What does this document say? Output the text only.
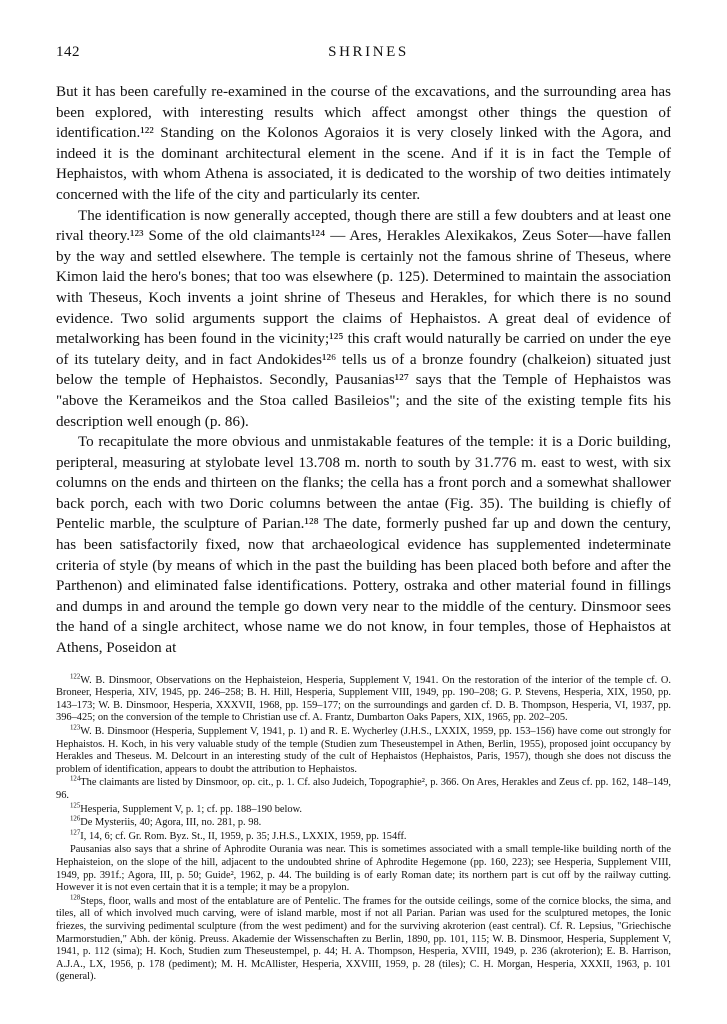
142	SHRINES

But it has been carefully re-examined in the course of the excavations, and the surrounding area has been explored, with interesting results which affect amongst other things the question of identification.¹²² Standing on the Kolonos Agoraios it is very closely linked with the Agora, and indeed it is the dominant architectural element in the scene. And if it is in fact the Temple of Hephaistos, with whom Athena is associated, it is dedicated to the worship of two deities intimately concerned with the life of the city and particularly its center.

The identification is now generally accepted, though there are still a few doubters and at least one rival theory.¹²³ Some of the old claimants¹²⁴ — Ares, Herakles Alexikakos, Zeus Soter—have fallen by the way and settled elsewhere. The temple is certainly not the famous shrine of Theseus, where Kimon laid the hero's bones; that too was elsewhere (p. 125). Determined to maintain the association with Theseus, Koch invents a joint shrine of Theseus and Herakles, for which there is no sound evidence. Two solid arguments support the claims of Hephaistos. A great deal of evidence of metalworking has been found in the vicinity;¹²⁵ this craft would naturally be carried on under the eye of its tutelary deity, and in fact Andokides¹²⁶ tells us of a bronze foundry (chalkeion) situated just below the temple of Hephaistos. Secondly, Pausanias¹²⁷ says that the Temple of Hephaistos was "above the Kerameikos and the Stoa called Basileios"; and the site of the existing temple fits his description well enough (p. 86).

To recapitulate the more obvious and unmistakable features of the temple: it is a Doric building, peripteral, measuring at stylobate level 13.708 m. north to south by 31.776 m. east to west, with six columns on the ends and thirteen on the flanks; the cella has a front porch and a somewhat shallower back porch, each with two Doric columns between the antae (Fig. 35). The building is chiefly of Pentelic marble, the sculpture of Parian.¹²⁸ The date, formerly pushed far up and down the century, has been satisfactorily fixed, now that archaeological evidence has supplemented indeterminate criteria of style (by means of which in the past the building has been placed both before and after the Parthenon) and eliminated false identifications. Pottery, ostraka and other material found in fillings and dumps in and around the temple go down very near to the middle of the century. Dinsmoor sees the hand of a single architect, whose name we do not know, in four temples, those of Hephaistos at Athens, Poseidon at

$^{122}$W. B. Dinsmoor, Observations on the Hephaisteion, Hesperia, Supplement V, 1941. On the restoration of the interior of the temple cf. O. Broneer, Hesperia, XIV, 1945, pp. 246–258; B. H. Hill, Hesperia, Supplement VIII, 1949, pp. 190–208; G. P. Stevens, Hesperia, XIX, 1950, pp. 143–173; W. B. Dinsmoor, Hesperia, XXXVII, 1968, pp. 159–177; on the surroundings and garden cf. D. B. Thompson, Hesperia, VI, 1937, pp. 396–425; on the conversion of the temple to Christian use cf. A. Frantz, Dumbarton Oaks Papers, XIX, 1965, pp. 202–205.

$^{123}$W. B. Dinsmoor (Hesperia, Supplement V, 1941, p. 1) and R. E. Wycherley (J.H.S., LXXIX, 1959, pp. 153–156) have come out strongly for Hephaistos. H. Koch, in his very valuable study of the temple (Studien zum Theseustempel in Athen, Berlin, 1955), proposed joint occupancy by Herakles and Theseus. M. Delcourt in an interesting study of the cult of Hephaistos (Hephaistos, Paris, 1957), though she does not discuss the problem of identification, appears to doubt the attribution to Hephaistos.

$^{124}$The claimants are listed by Dinsmoor, op. cit., p. 1. Cf. also Judeich, Topographie², p. 366. On Ares, Herakles and Zeus cf. pp. 162, 148–149, 96.

$^{125}$Hesperia, Supplement V, p. 1; cf. pp. 188–190 below.

$^{126}$De Mysteriis, 40; Agora, III, no. 281, p. 98.

$^{127}$I, 14, 6; cf. Gr. Rom. Byz. St., II, 1959, p. 35; J.H.S., LXXIX, 1959, pp. 154ff.

Pausanias also says that a shrine of Aphrodite Ourania was near. This is sometimes associated with a small temple-like building north of the Hephaisteion, on the slope of the hill, adjacent to the undoubted shrine of Aphrodite Hegemone (pp. 160, 223); see Hesperia, Supplement VIII, 1949, pp. 391f.; Agora, III, p. 50; Guide², 1962, p. 44. The building is of early Roman date; its northern part is cut off by the railway cutting. However it is not even certain that it is a temple; it may be a propylon.

$^{128}$Steps, floor, walls and most of the entablature are of Pentelic. The frames for the outside ceilings, some of the cornice blocks, the sima, and tiles, all of which involved much carving, were of island marble, most if not all Parian. Parian was used for the sculptured metopes, the Ionic friezes, the surviving pedimental sculpture (from the west pediment) and for the surviving akroterion (east central). Cf. R. Lepsius, "Griechische Marmorstudien," Abh. der könig. Preuss. Akademie der Wissenschaften zu Berlin, 1890, pp. 101, 115; W. B. Dinsmoor, Hesperia, Supplement V, 1941, p. 112 (sima); H. Koch, Studien zum Theseustempel, p. 44; H. A. Thompson, Hesperia, XVIII, 1949, p. 236 (akroterion); E. B. Harrison, A.J.A., LX, 1956, p. 178 (pediment); M. H. McAllister, Hesperia, XXVIII, 1959, p. 28 (tiles); C. H. Morgan, Hesperia, XXXII, 1963, p. 101 (general).
